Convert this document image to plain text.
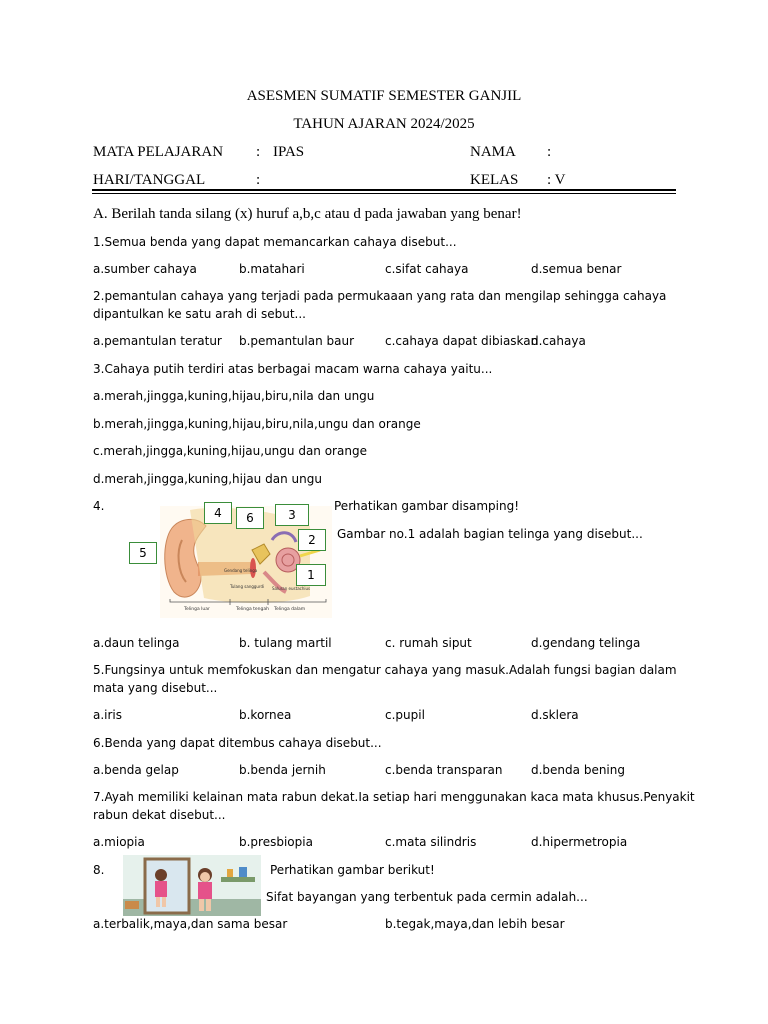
ASESMEN SUMATIF SEMESTER GANJIL
TAHUN AJARAN 2024/2025
MATA PELAJARAN : IPAS	NAMA :
HARI/TANGGAL	:	KELAS : V
A. Berilah tanda silang (x) huruf a,b,c atau d pada jawaban yang benar!
1.Semua benda yang dapat memancarkan cahaya disebut...
a.sumber cahaya	b.matahari	c.sifat cahaya	d.semua benar
2.pemantulan cahaya yang terjadi pada permukaaan yang rata dan mengilap sehingga cahaya
dipantulkan ke satu arah di sebut...
a.pemantulan teratur b.pemantulan baur	c.cahaya dapat dibiaskan
d.cahaya
3.Cahaya putih terdiri atas berbagai macam warna cahaya yaitu...
a.merah,jingga,kuning,hijau,biru,nila dan ungu
b.merah,jingga,kuning,hijau,biru,nila,ungu dan orange
c.merah,jingga,kuning,hijau,ungu dan orange
d.merah,jingga,kuning,hijau dan ungu
4.
Gendang telinga
Tulang sanggurdi Saluran eustachius
Telinga luar	Telinga tengah Telinga dalam
4	6	3
2
5
1
Perhatikan gambar disamping!
Gambar no.1 adalah bagian telinga yang disebut...
a.daun telinga	b. tulang martil	c. rumah siput	d.gendang telinga
5.Fungsinya untuk memfokuskan dan mengatur cahaya yang masuk.Adalah fungsi bagian dalam
mata yang disebut...
a.iris	b.kornea	c.pupil	d.sklera
6.Benda yang dapat ditembus cahaya disebut...
a.benda gelap	b.benda jernih	c.benda transparan d.benda bening
7.Ayah memiliki kelainan mata rabun dekat.Ia setiap hari menggunakan kaca mata khusus.Penyakit
rabun dekat disebut...
a.miopia	b.presbiopia	c.mata silindris	d.hipermetropia
8.	Perhatikan gambar berikut!
Sifat bayangan yang terbentuk pada cermin adalah...
a.terbalik,maya,dan sama besar	b.tegak,maya,dan lebih besar
